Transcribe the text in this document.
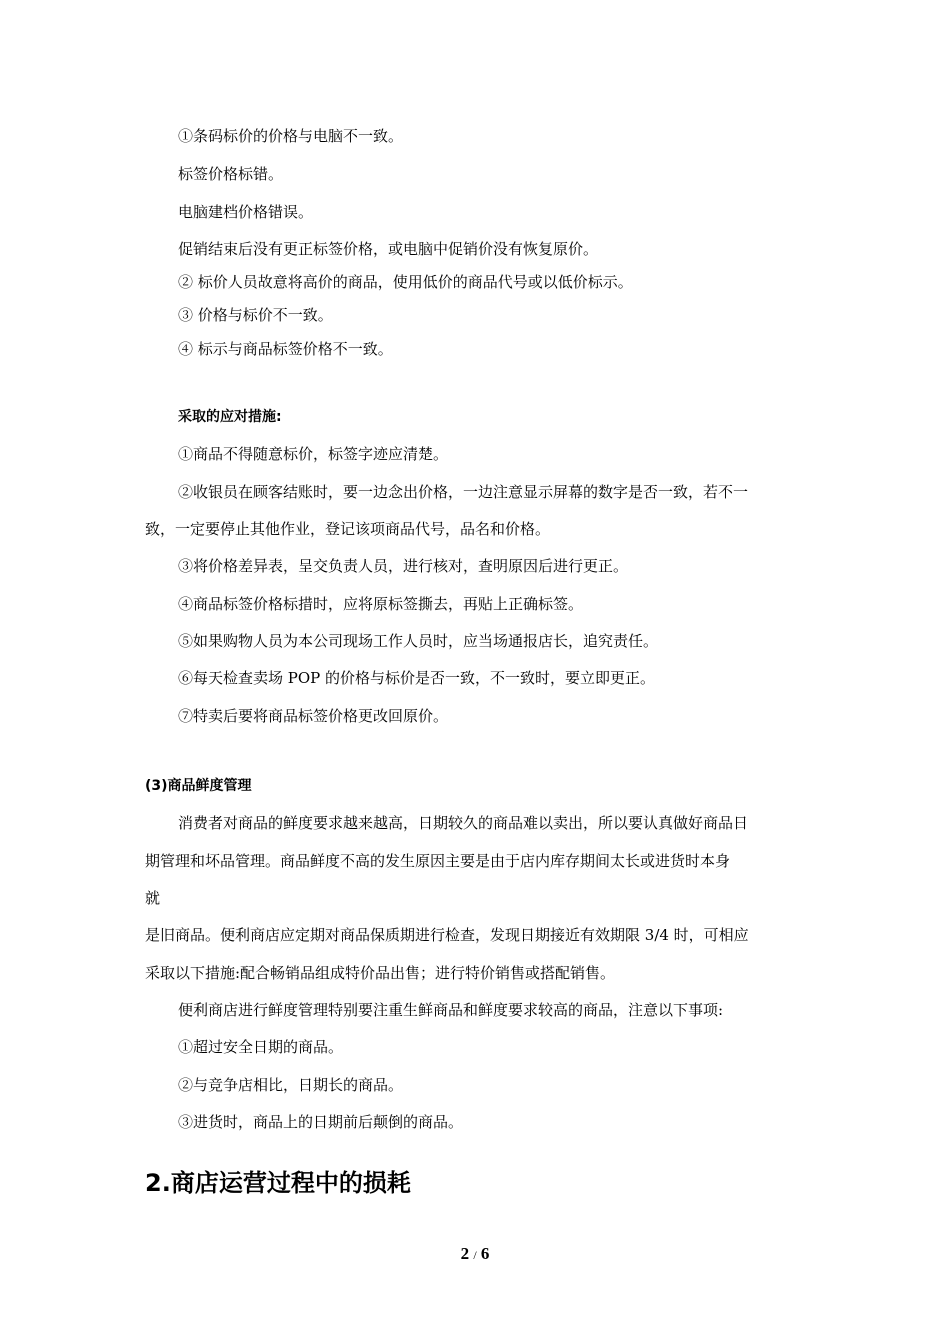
①条码标价的价格与电脑不一致。
标签价格标错。
电脑建档价格错误。
促销结束后没有更正标签价格，或电脑中促销价没有恢复原价。
② 标价人员故意将高价的商品，使用低价的商品代号或以低价标示。
③ 价格与标价不一致。
④ 标示与商品标签价格不一致。
采取的应对措施:
①商品不得随意标价，标签字迹应清楚。
②收银员在顾客结账时，要一边念出价格，一边注意显示屏幕的数字是否一致，若不一
致，一定要停止其他作业，登记该项商品代号，品名和价格。
③将价格差异表，呈交负责人员，进行核对，查明原因后进行更正。
④商品标签价格标措时，应将原标签撕去，再贴上正确标签。
⑤如果购物人员为本公司现场工作人员时，应当场通报店长，追究责任。
⑥每天检查卖场 POP 的价格与标价是否一致，不一致时，要立即更正。
⑦特卖后要将商品标签价格更改回原价。
(3)商品鲜度管理
消费者对商品的鲜度要求越来越高，日期较久的商品难以卖出，所以要认真做好商品日
期管理和坏品管理。商品鲜度不高的发生原因主要是由于店内库存期间太长或进货时本身
就
是旧商品。便利商店应定期对商品保质期进行检查，发现日期接近有效期限 3/4 时，可相应
采取以下措施:配合畅销品组成特价品出售；进行特价销售或搭配销售。
便利商店进行鲜度管理特别要注重生鲜商品和鲜度要求较高的商品，注意以下事项:
①超过安全日期的商品。
②与竞争店相比，日期长的商品。
③进货时，商品上的日期前后颠倒的商品。
2.商店运营过程中的损耗
2 / 6
